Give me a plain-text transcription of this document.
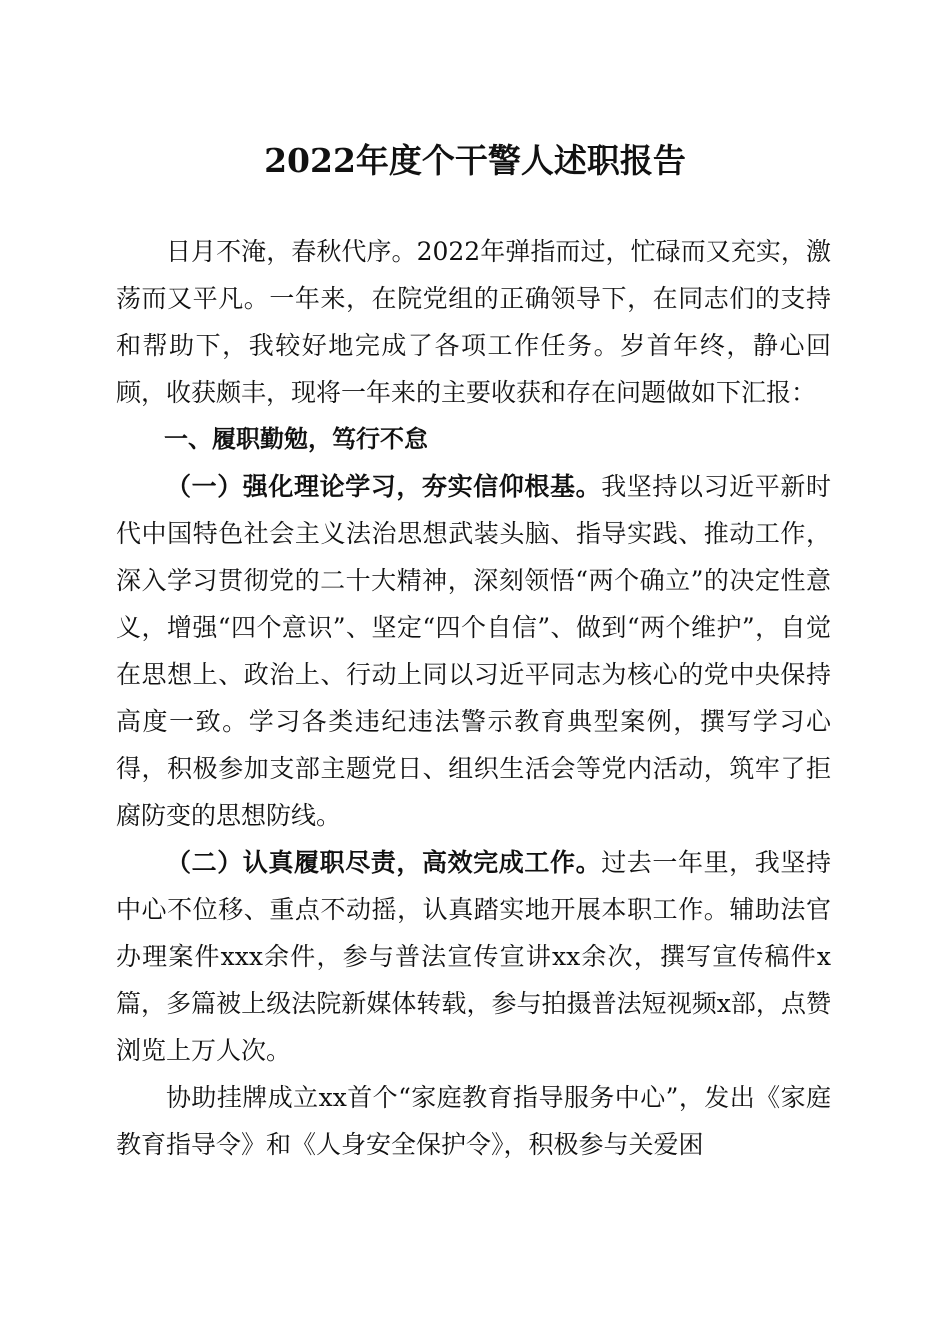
2022年度个干警人述职报告

日月不淹，春秋代序。2022年弹指而过，忙碌而又充实，激荡而又平凡。一年来，在院党组的正确领导下，在同志们的支持和帮助下，我较好地完成了各项工作任务。岁首年终，静心回顾，收获颇丰，现将一年来的主要收获和存在问题做如下汇报：

一、履职勤勉，笃行不怠

（一）强化理论学习，夯实信仰根基。我坚持以习近平新时代中国特色社会主义法治思想武装头脑、指导实践、推动工作，深入学习贯彻党的二十大精神，深刻领悟“两个确立”的决定性意义，增强“四个意识”、坚定“四个自信”、做到“两个维护”，自觉在思想上、政治上、行动上同以习近平同志为核心的党中央保持高度一致。学习各类违纪违法警示教育典型案例，撰写学习心得，积极参加支部主题党日、组织生活会等党内活动，筑牢了拒腐防变的思想防线。

（二）认真履职尽责，高效完成工作。过去一年里，我坚持中心不位移、重点不动摇，认真踏实地开展本职工作。辅助法官办理案件xxx余件，参与普法宣传宣讲xx余次，撰写宣传稿件x篇，多篇被上级法院新媒体转载，参与拍摄普法短视频x部，点赞浏览上万人次。

协助挂牌成立xx首个“家庭教育指导服务中心”，发出《家庭教育指导令》和《人身安全保护令》，积极参与关爱困
